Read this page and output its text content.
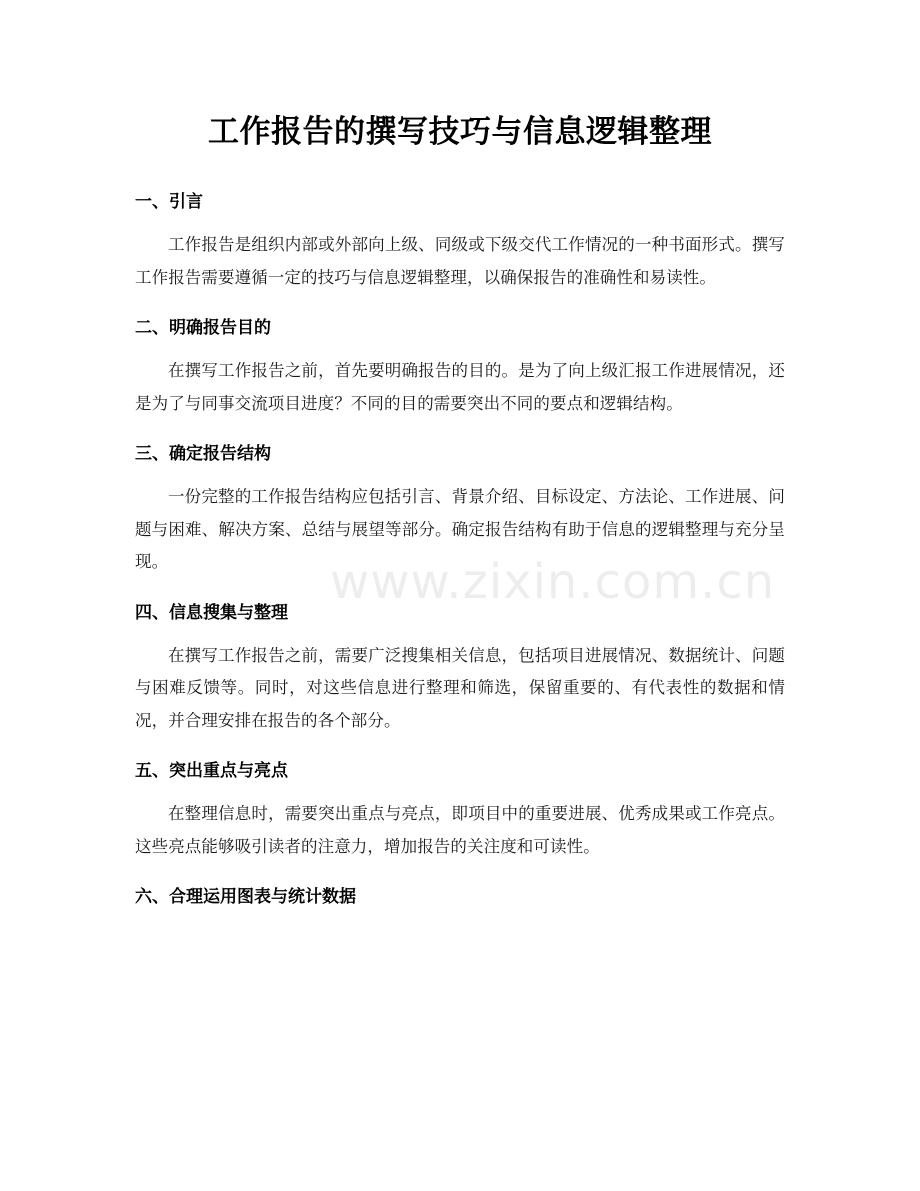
www.zixin.com.cn
工作报告的撰写技巧与信息逻辑整理
一、引言

工作报告是组织内部或外部向上级、同级或下级交代工作情况的一种书面形式。撰写工作报告需要遵循一定的技巧与信息逻辑整理，以确保报告的准确性和易读性。

二、明确报告目的

在撰写工作报告之前，首先要明确报告的目的。是为了向上级汇报工作进展情况，还是为了与同事交流项目进度？不同的目的需要突出不同的要点和逻辑结构。

三、确定报告结构

一份完整的工作报告结构应包括引言、背景介绍、目标设定、方法论、工作进展、问题与困难、解决方案、总结与展望等部分。确定报告结构有助于信息的逻辑整理与充分呈现。

四、信息搜集与整理

在撰写工作报告之前，需要广泛搜集相关信息，包括项目进展情况、数据统计、问题与困难反馈等。同时，对这些信息进行整理和筛选，保留重要的、有代表性的数据和情况，并合理安排在报告的各个部分。

五、突出重点与亮点

在整理信息时，需要突出重点与亮点，即项目中的重要进展、优秀成果或工作亮点。这些亮点能够吸引读者的注意力，增加报告的关注度和可读性。

六、合理运用图表与统计数据
